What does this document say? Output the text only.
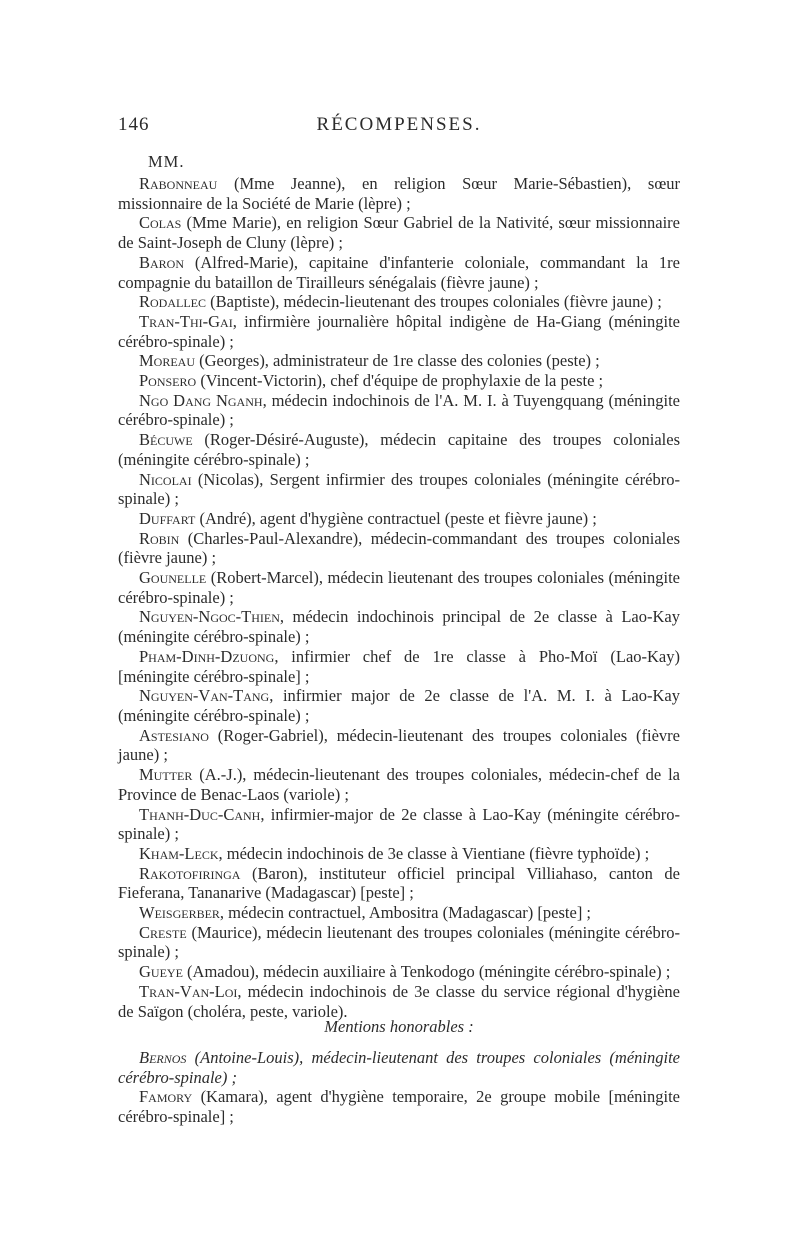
146	RÉCOMPENSES.
MM.

Rabonneau (Mme Jeanne), en religion Sœur Marie-Sébastien), sœur missionnaire de la Société de Marie (lèpre) ;

Colas (Mme Marie), en religion Sœur Gabriel de la Nativité, sœur missionnaire de Saint-Joseph de Cluny (lèpre) ;

Baron (Alfred-Marie), capitaine d'infanterie coloniale, commandant la 1re compagnie du bataillon de Tirailleurs sénégalais (fièvre jaune) ;

Rodallec (Baptiste), médecin-lieutenant des troupes coloniales (fièvre jaune) ;

Tran-Thi-Gai, infirmière journalière hôpital indigène de Ha-Giang (méningite cérébro-spinale) ;

Moreau (Georges), administrateur de 1re classe des colonies (peste) ;

Ponsero (Vincent-Victorin), chef d'équipe de prophylaxie de la peste ;

Ngo Dang Nganh, médecin indochinois de l'A. M. I. à Tuyengquang (méningite cérébro-spinale) ;

Bécuwe (Roger-Désiré-Auguste), médecin capitaine des troupes coloniales (méningite cérébro-spinale) ;

Nicolai (Nicolas), Sergent infirmier des troupes coloniales (méningite cérébro-spinale) ;

Duffart (André), agent d'hygiène contractuel (peste et fièvre jaune) ;

Robin (Charles-Paul-Alexandre), médecin-commandant des troupes coloniales (fièvre jaune) ;

Gounelle (Robert-Marcel), médecin lieutenant des troupes coloniales (méningite cérébro-spinale) ;

Nguyen-Ngoc-Thien, médecin indochinois principal de 2e classe à Lao-Kay (méningite cérébro-spinale) ;

Pham-Dinh-Dzuong, infirmier chef de 1re classe à Pho-Moï (Lao-Kay) [méningite cérébro-spinale] ;

Nguyen-Van-Tang, infirmier major de 2e classe de l'A. M. I. à Lao-Kay (méningite cérébro-spinale) ;

Astesiano (Roger-Gabriel), médecin-lieutenant des troupes coloniales (fièvre jaune) ;

Mutter (A.-J.), médecin-lieutenant des troupes coloniales, médecin-chef de la Province de Benac-Laos (variole) ;

Thanh-Duc-Canh, infirmier-major de 2e classe à Lao-Kay (méningite cérébro-spinale) ;

Kham-Leck, médecin indochinois de 3e classe à Vientiane (fièvre typhoïde) ;

Rakotofiringa (Baron), instituteur officiel principal Villiahaso, canton de Fieferana, Tananarive (Madagascar) [peste] ;

Weisgerber, médecin contractuel, Ambositra (Madagascar) [peste] ;

Creste (Maurice), médecin lieutenant des troupes coloniales (méningite cérébro-spinale) ;

Gueye (Amadou), médecin auxiliaire à Tenkodogo (méningite cérébro-spinale) ;

Tran-Van-Loi, médecin indochinois de 3e classe du service régional d'hygiène de Saïgon (choléra, peste, variole).

Mentions honorables :

Bernos (Antoine-Louis), médecin-lieutenant des troupes coloniales (méningite cérébro-spinale) ;

Famory (Kamara), agent d'hygiène temporaire, 2e groupe mobile [méningite cérébro-spinale] ;
